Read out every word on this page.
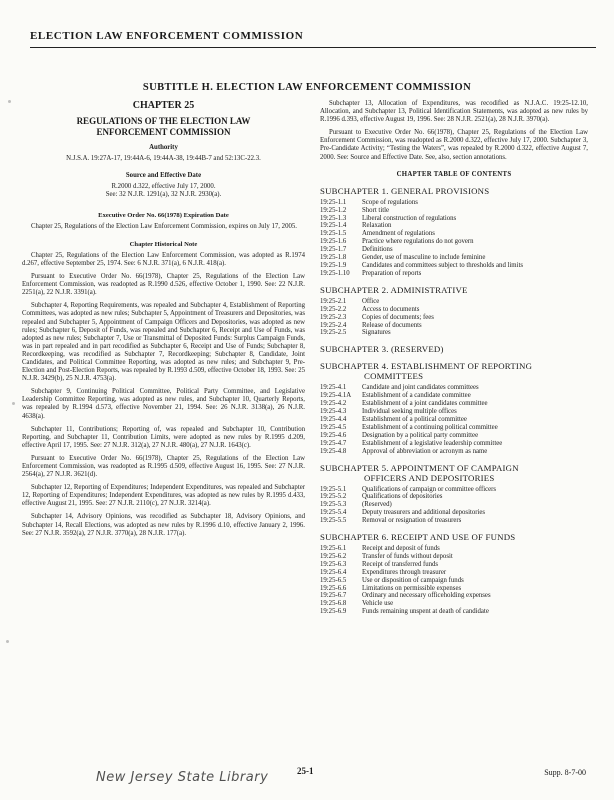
ELECTION LAW ENFORCEMENT COMMISSION
SUBTITLE H. ELECTION LAW ENFORCEMENT COMMISSION
CHAPTER 25
REGULATIONS OF THE ELECTION LAW
ENFORCEMENT COMMISSION
Authority
N.J.S.A. 19:27A-17, 19:44A-6, 19:44A-38, 19:44B-7 and 52:13C-22.3.
Source and Effective Date
R.2000 d.322, effective July 17, 2000.
See: 32 N.J.R. 1291(a), 32 N.J.R. 2930(a).
Executive Order No. 66(1978) Expiration Date

Chapter 25, Regulations of the Election Law Enforcement Commission, expires on July 17, 2005.

Chapter Historical Note

Chapter 25, Regulations of the Election Law Enforcement Commission, was adopted as R.1974 d.267, effective September 25, 1974. See: 6 N.J.R. 371(a), 6 N.J.R. 418(a).

Pursuant to Executive Order No. 66(1978), Chapter 25, Regulations of the Election Law Enforcement Commission, was readopted as R.1990 d.526, effective October 1, 1990. See: 22 N.J.R. 2251(a), 22 N.J.R. 3391(a).

Subchapter 4, Reporting Requirements, was repealed and Subchapter 4, Establishment of Reporting Committees, was adopted as new rules; Subchapter 5, Appointment of Treasurers and Depositories, was repealed and Subchapter 5, Appointment of Campaign Officers and Depositories, was adopted as new rules; Subchapter 6, Deposit of Funds, was repealed and Subchapter 6, Receipt and Use of Funds, was adopted as new rules; Subchapter 7, Use or Transmittal of Deposited Funds: Surplus Campaign Funds, was in part repealed and in part recodified as Subchapter 6, Receipt and Use of Funds; Subchapter 8, Recordkeeping, was recodified as Subchapter 7, Recordkeeping; Subchapter 8, Candidate, Joint Candidates, and Political Committee Reporting, was adopted as new rules; and Subchapter 9, Pre-Election and Post-Election Reports, was repealed by R.1993 d.509, effective October 18, 1993. See: 25 N.J.R. 3429(b), 25 N.J.R. 4753(a).

Subchapter 9, Continuing Political Committee, Political Party Committee, and Legislative Leadership Committee Reporting, was adopted as new rules, and Subchapter 10, Quarterly Reports, was repealed by R.1994 d.573, effective November 21, 1994. See: 26 N.J.R. 3138(a), 26 N.J.R. 4638(a).

Subchapter 11, Contributions; Reporting of, was repealed and Subchapter 10, Contribution Reporting, and Subchapter 11, Contribution Limits, were adopted as new rules by R.1995 d.209, effective April 17, 1995. See: 27 N.J.R. 312(a), 27 N.J.R. 480(a), 27 N.J.R. 1643(c).

Pursuant to Executive Order No. 66(1978), Chapter 25, Regulations of the Election Law Enforcement Commission, was readopted as R.1995 d.509, effective August 16, 1995. See: 27 N.J.R. 2564(a), 27 N.J.R. 3621(d).

Subchapter 12, Reporting of Expenditures; Independent Expenditures, was repealed and Subchapter 12, Reporting of Expenditures; Independent Expenditures, was adopted as new rules by R.1995 d.433, effective August 21, 1995. See: 27 N.J.R. 2110(c), 27 N.J.R. 3214(a).

Subchapter 14, Advisory Opinions, was recodified as Subchapter 18, Advisory Opinions, and Subchapter 14, Recall Elections, was adopted as new rules by R.1996 d.10, effective January 2, 1996. See: 27 N.J.R. 3592(a), 27 N.J.R. 3770(a), 28 N.J.R. 177(a).

Subchapter 13, Allocation of Expenditures, was recodified as N.J.A.C. 19:25-12.10, Allocation, and Subchapter 13, Political Identification Statements, was adopted as new rules by R.1996 d.393, effective August 19, 1996. See: 28 N.J.R. 2521(a), 28 N.J.R. 3970(a).

Pursuant to Executive Order No. 66(1978), Chapter 25, Regulations of the Election Law Enforcement Commission, was readopted as R.2000 d.322, effective July 17, 2000. Subchapter 3, Pre-Candidate Activity; “Testing the Waters”, was repealed by R.2000 d.322, effective August 7, 2000. See: Source and Effective Date. See, also, section annotations.

CHAPTER TABLE OF CONTENTS
SUBCHAPTER 1. GENERAL PROVISIONS
19:25-1.1	Scope of regulations
19:25-1.2	Short title
19:25-1.3	Liberal construction of regulations
19:25-1.4	Relaxation
19:25-1.5	Amendment of regulations
19:25-1.6	Practice where regulations do not govern
19:25-1.7	Definitions
19:25-1.8	Gender, use of masculine to include feminine
19:25-1.9	Candidates and committees subject to thresholds and limits
19:25-1.10	Preparation of reports
SUBCHAPTER 2. ADMINISTRATIVE
19:25-2.1	Office
19:25-2.2	Access to documents
19:25-2.3	Copies of documents; fees
19:25-2.4	Release of documents
19:25-2.5	Signatures
SUBCHAPTER 3. (RESERVED)
SUBCHAPTER 4. ESTABLISHMENT OF REPORTING
COMMITTEES
19:25-4.1	Candidate and joint candidates committees
19:25-4.1A	Establishment of a candidate committee
19:25-4.2	Establishment of a joint candidates committee
19:25-4.3	Individual seeking multiple offices
19:25-4.4	Establishment of a political committee
19:25-4.5	Establishment of a continuing political committee
19:25-4.6	Designation by a political party committee
19:25-4.7	Establishment of a legislative leadership committee
19:25-4.8	Approval of abbreviation or acronym as name
SUBCHAPTER 5. APPOINTMENT OF CAMPAIGN
OFFICERS AND DEPOSITORIES
19:25-5.1	Qualifications of campaign or committee officers
19:25-5.2	Qualifications of depositories
19:25-5.3	(Reserved)
19:25-5.4	Deputy treasurers and additional depositories
19:25-5.5	Removal or resignation of treasurers
SUBCHAPTER 6. RECEIPT AND USE OF FUNDS
19:25-6.1	Receipt and deposit of funds
19:25-6.2	Transfer of funds without deposit
19:25-6.3	Receipt of transferred funds
19:25-6.4	Expenditures through treasurer
19:25-6.5	Use or disposition of campaign funds
19:25-6.6	Limitations on permissible expenses
19:25-6.7	Ordinary and necessary officeholding expenses
19:25-6.8	Vehicle use
19:25-6.9	Funds remaining unspent at death of candidate
New Jersey State Library	25-1	Supp. 8-7-00
